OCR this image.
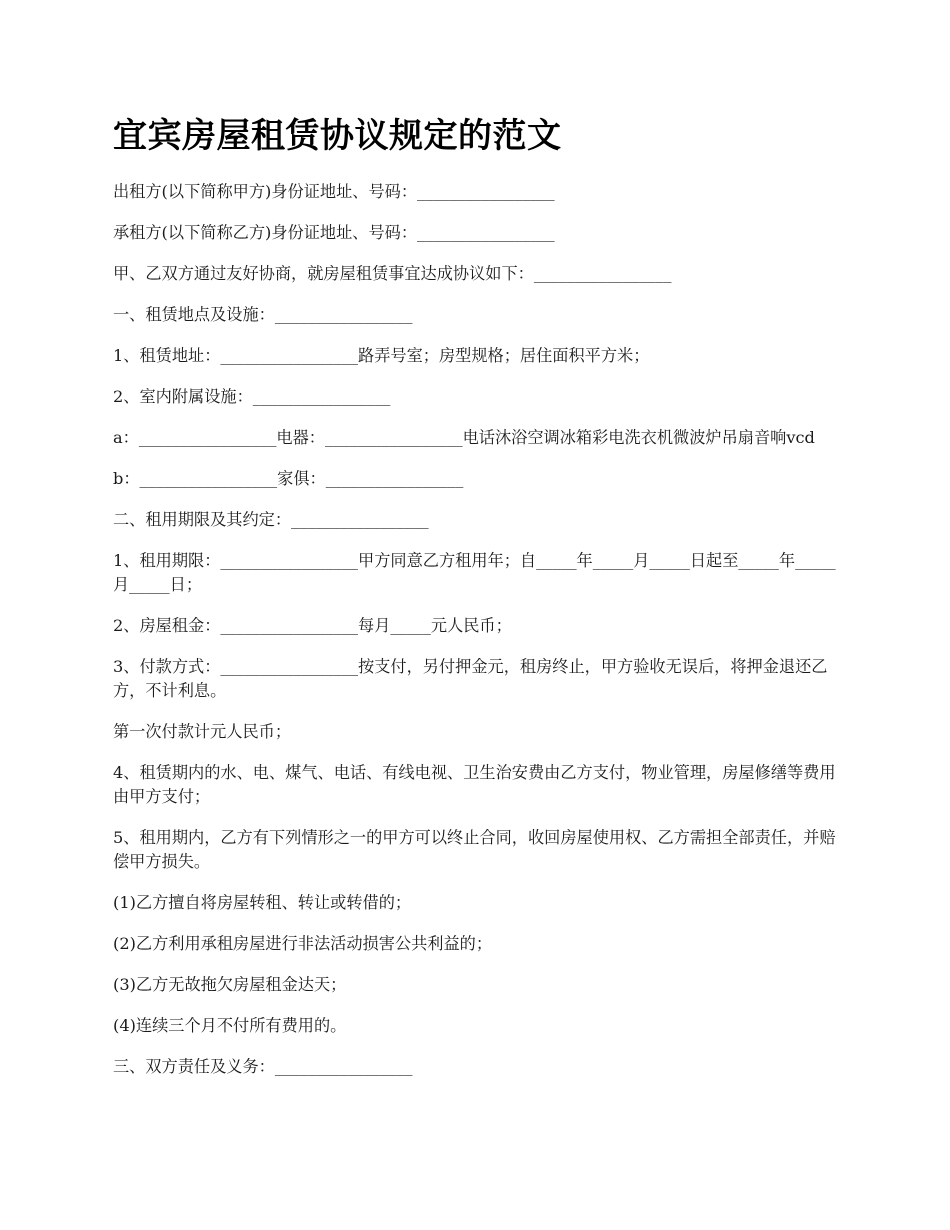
宜宾房屋租赁协议规定的范文

出租方(以下简称甲方)身份证地址、号码：_________________

承租方(以下简称乙方)身份证地址、号码：_________________

甲、乙双方通过友好协商，就房屋租赁事宜达成协议如下：_________________

一、租赁地点及设施：_________________

1、租赁地址：_________________路弄号室；房型规格；居住面积平方米；

2、室内附属设施：_________________

a：_________________电器：_________________电话沐浴空调冰箱彩电洗衣机微波炉吊扇音响vcd

b：_________________家俱：_________________

二、租用期限及其约定：_________________

1、租用期限：_________________甲方同意乙方租用年；自_____年_____月_____日起至_____年_____月_____日；

2、房屋租金：_________________每月_____元人民币；

3、付款方式：_________________按支付，另付押金元，租房终止，甲方验收无误后，将押金退还乙方，不计利息。

第一次付款计元人民币；

4、租赁期内的水、电、煤气、电话、有线电视、卫生治安费由乙方支付，物业管理，房屋修缮等费用由甲方支付；

5、租用期内，乙方有下列情形之一的甲方可以终止合同，收回房屋使用权、乙方需担全部责任，并赔偿甲方损失。

(1)乙方擅自将房屋转租、转让或转借的；

(2)乙方利用承租房屋进行非法活动损害公共利益的；

(3)乙方无故拖欠房屋租金达天；

(4)连续三个月不付所有费用的。

三、双方责任及义务：_________________
